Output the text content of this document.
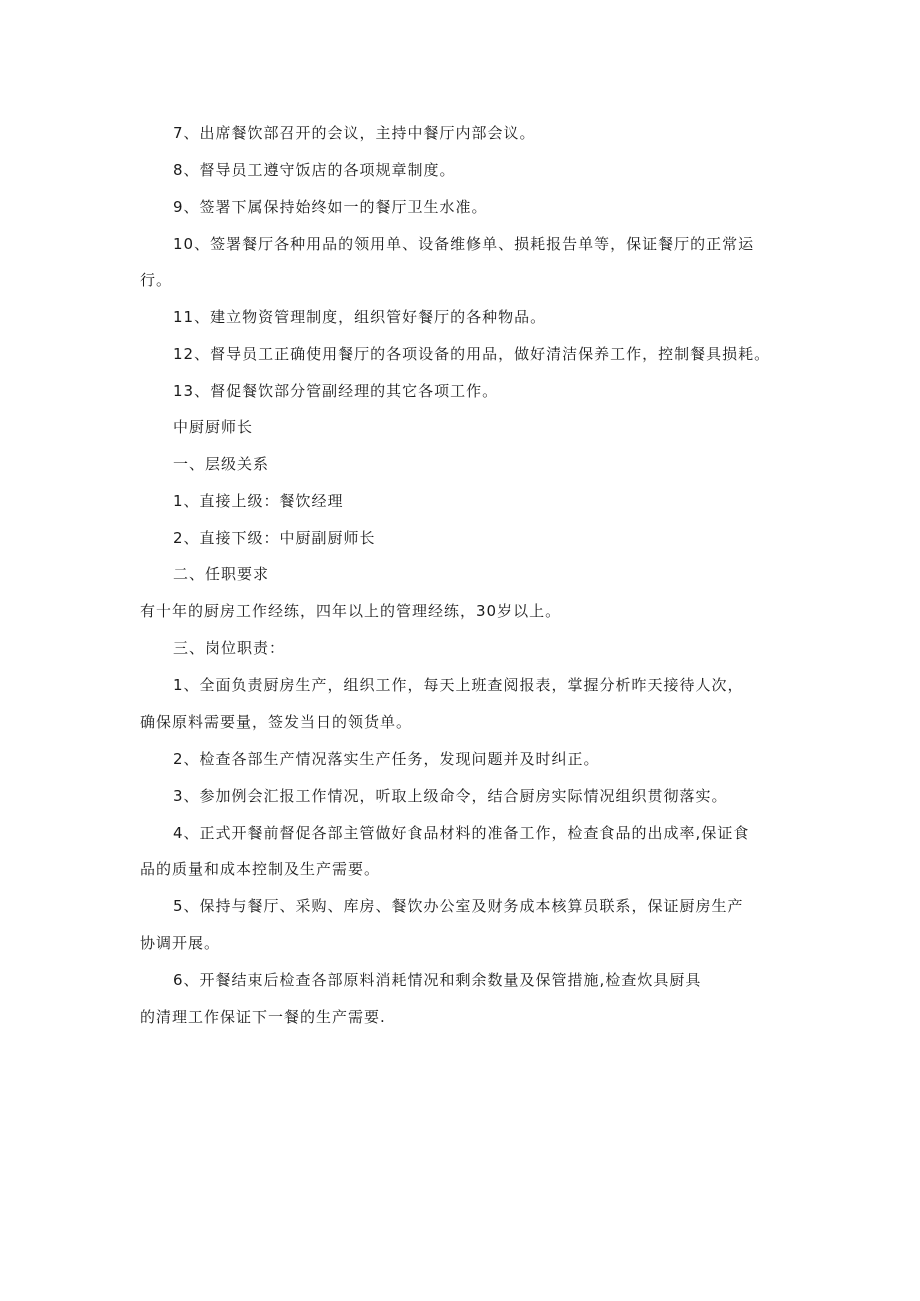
7、出席餐饮部召开的会议，主持中餐厅内部会议。
8、督导员工遵守饭店的各项规章制度。
9、签署下属保持始终如一的餐厅卫生水准。
10、签署餐厅各种用品的领用单、设备维修单、损耗报告单等，保证餐厅的正常运
行。
11、建立物资管理制度，组织管好餐厅的各种物品。
12、督导员工正确使用餐厅的各项设备的用品，做好清洁保养工作，控制餐具损耗。
13、督促餐饮部分管副经理的其它各项工作。
中厨厨师长
一、层级关系
1、直接上级：餐饮经理
2、直接下级：中厨副厨师长
二、任职要求
有十年的厨房工作经练，四年以上的管理经练，30岁以上。
三、岗位职责：
1、全面负责厨房生产，组织工作，每天上班查阅报表，掌握分析昨天接待人次，
确保原料需要量，签发当日的领货单。
2、检查各部生产情况落实生产任务，发现问题并及时纠正。
3、参加例会汇报工作情况，听取上级命令，结合厨房实际情况组织贯彻落实。
4、正式开餐前督促各部主管做好食品材料的准备工作，检查食品的出成率,保证食
品的质量和成本控制及生产需要。
5、保持与餐厅、采购、库房、餐饮办公室及财务成本核算员联系，保证厨房生产
协调开展。
6、开餐结束后检查各部原料消耗情况和剩余数量及保管措施,检查炊具厨具
的清理工作保证下一餐的生产需要.
